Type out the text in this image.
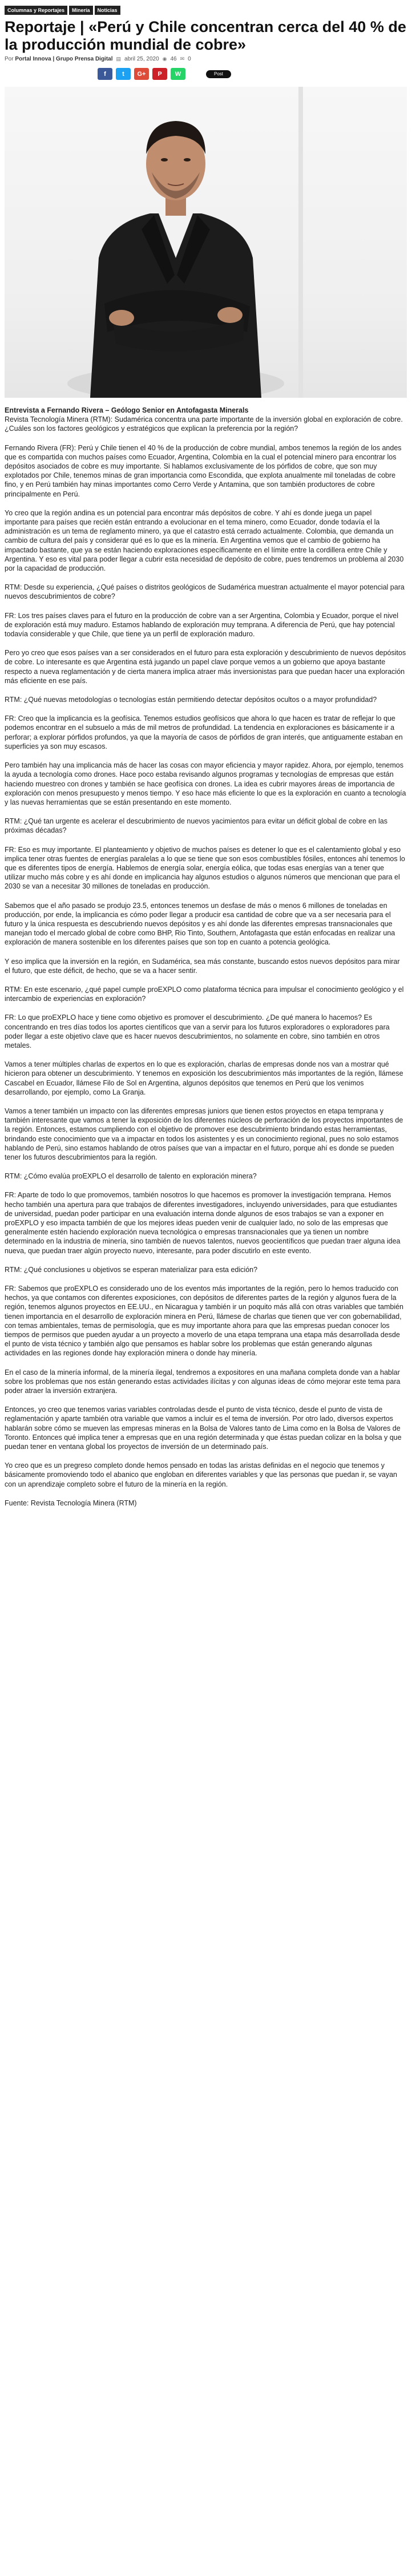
Columnas y Reportajes	Minería	Noticias
Reportaje | «Perú y Chile concentran cerca del 40 % de la producción mundial de cobre»
Por Portal Innova | Grupo Prensa Digital ▤ abril 25, 2020 ◉ 46 ✉ 0
f	t	G+	P	W	Post

Entrevista a Fernando Rivera – Geólogo Senior en Antofagasta Minerals
Revista Tecnología Minera (RTM): Sudamérica concentra una parte importante de la inversión global en exploración de cobre. ¿Cuáles son los factores geológicos y estratégicos que explican la preferencia por la región?

Fernando Rivera (FR): Perú y Chile tienen el 40 % de la producción de cobre mundial, ambos tenemos la región de los andes que es compartida con muchos países como Ecuador, Argentina, Colombia en la cual el potencial minero para encontrar los depósitos asociados de cobre es muy importante. Si hablamos exclusivamente de los pórfidos de cobre, que son muy explotados por Chile, tenemos minas de gran importancia como Escondida, que explota anualmente mil toneladas de cobre fino, y en Perú también hay minas importantes como Cerro Verde y Antamina, que son también productores de cobre principalmente en Perú.

Yo creo que la región andina es un potencial para encontrar más depósitos de cobre. Y ahí es donde juega un papel importante para países que recién están entrando a evolucionar en el tema minero, como Ecuador, donde todavía el la administración es un tema de reglamento minero, ya que el catastro está cerrado actualmente. Colombia, que demanda un cambio de cultura del país y considerar qué es lo que es la minería. En Argentina vemos que el cambio de gobierno ha impactado bastante, que ya se están haciendo exploraciones específicamente en el límite entre la cordillera entre Chile y Argentina. Y eso es vital para poder llegar a cubrir esta necesidad de depósito de cobre, pues tendremos un problema al 2030 por la capacidad de producción.

RTM: Desde su experiencia, ¿Qué países o distritos geológicos de Sudamérica muestran actualmente el mayor potencial para nuevos descubrimientos de cobre?

FR: Los tres países claves para el futuro en la producción de cobre van a ser Argentina, Colombia y Ecuador, porque el nivel de exploración está muy maduro. Estamos hablando de exploración muy temprana. A diferencia de Perú, que hay potencial todavía considerable y que Chile, que tiene ya un perfil de exploración maduro.

Pero yo creo que esos países van a ser considerados en el futuro para esta exploración y descubrimiento de nuevos depósitos de cobre. Lo interesante es que Argentina está jugando un papel clave porque vemos a un gobierno que apoya bastante respecto a nueva reglamentación y de cierta manera implica atraer más inversionistas para que puedan hacer una exploración más eficiente en ese país.

RTM: ¿Qué nuevas metodologías o tecnologías están permitiendo detectar depósitos ocultos o a mayor profundidad?

FR: Creo que la implicancia es la geofísica. Tenemos estudios geofísicos que ahora lo que hacen es tratar de reflejar lo que podemos encontrar en el subsuelo a más de mil metros de profundidad. La tendencia en exploraciones es básicamente ir a perforar; a explorar pórfidos profundos, ya que la mayoría de casos de pórfidos de gran interés, que antiguamente estaban en superficies ya son muy escasos.

Pero también hay una implicancia más de hacer las cosas con mayor eficiencia y mayor rapidez. Ahora, por ejemplo, tenemos la ayuda a tecnología como drones. Hace poco estaba revisando algunos programas y tecnologías de empresas que están haciendo muestreo con drones y también se hace geofísica con drones. La idea es cubrir mayores áreas de importancia de exploración con menos presupuesto y menos tiempo. Y eso hace más eficiente lo que es la exploración en cuanto a tecnología y las nuevas herramientas que se están presentando en este momento.

RTM: ¿Qué tan urgente es acelerar el descubrimiento de nuevos yacimientos para evitar un déficit global de cobre en las próximas décadas?

FR: Eso es muy importante. El planteamiento y objetivo de muchos países es detener lo que es el calentamiento global y eso implica tener otras fuentes de energías paralelas a lo que se tiene que son esos combustibles fósiles, entonces ahí tenemos lo que es diferentes tipos de energía. Hablemos de energía solar, energía eólica, que todas esas energías van a tener que utilizar mucho más cobre y es ahí donde en implicancia hay algunos estudios o algunos números que mencionan que para el 2030 se van a necesitar 30 millones de toneladas en producción.

Sabemos que el año pasado se produjo 23.5, entonces tenemos un desfase de más o menos 6 millones de toneladas en producción, por ende, la implicancia es cómo poder llegar a producir esa cantidad de cobre que va a ser necesaria para el futuro y la única respuesta es descubriendo nuevos depósitos y es ahí donde las diferentes empresas transnacionales que manejan todo el mercado global de cobre como BHP, Rio Tinto, Southern, Antofagasta que están enfocadas en realizar una exploración de manera sostenible en los diferentes países que son top en cuanto a potencia geológica.

Y eso implica que la inversión en la región, en Sudamérica, sea más constante, buscando estos nuevos depósitos para mirar el futuro, que este déficit, de hecho, que se va a hacer sentir.

RTM: En este escenario, ¿qué papel cumple proEXPLO como plataforma técnica para impulsar el conocimiento geológico y el intercambio de experiencias en exploración?

FR: Lo que proEXPLO hace y tiene como objetivo es promover el descubrimiento. ¿De qué manera lo hacemos? Es concentrando en tres días todos los aportes científicos que van a servir para los futuros exploradores o exploradores para poder llegar a este objetivo clave que es hacer nuevos descubrimientos, no solamente en cobre, sino también en otros metales.

Vamos a tener múltiples charlas de expertos en lo que es exploración, charlas de empresas donde nos van a mostrar qué hicieron para obtener un descubrimiento. Y tenemos en exposición los descubrimientos más importantes de la región, llámese Cascabel en Ecuador, llámese Filo de Sol en Argentina, algunos depósitos que tenemos en Perú que los venimos desarrollando, por ejemplo, como La Granja.

Vamos a tener también un impacto con las diferentes empresas juniors que tienen estos proyectos en etapa temprana y también interesante que vamos a tener la exposición de los diferentes núcleos de perforación de los proyectos importantes de la región. Entonces, estamos cumpliendo con el objetivo de promover ese descubrimiento brindando estas herramientas, brindando este conocimiento que va a impactar en todos los asistentes y es un conocimiento regional, pues no solo estamos hablando de Perú, sino estamos hablando de otros países que van a impactar en el futuro, porque ahí es donde se pueden tener los futuros descubrimientos para la región.

RTM: ¿Cómo evalúa proEXPLO el desarrollo de talento en exploración minera?

FR: Aparte de todo lo que promovemos, también nosotros lo que hacemos es promover la investigación temprana. Hemos hecho también una apertura para que trabajos de diferentes investigadores, incluyendo universidades, para que estudiantes de universidad, puedan poder participar en una evaluación interna donde algunos de esos trabajos se van a exponer en proEXPLO y eso impacta también de que los mejores ideas pueden venir de cualquier lado, no solo de las empresas que generalmente estén haciendo exploración nueva tecnológica o empresas transnacionales que ya tienen un nombre determinado en la industria de minería, sino también de nuevos talentos, nuevos geocientíficos que puedan traer alguna idea nueva, que puedan traer algún proyecto nuevo, interesante, para poder discutirlo en este evento.

RTM: ¿Qué conclusiones u objetivos se esperan materializar para esta edición?

FR: Sabemos que proEXPLO es considerado uno de los eventos más importantes de la región, pero lo hemos traducido con hechos, ya que contamos con diferentes exposiciones, con depósitos de diferentes partes de la región y algunos fuera de la región, tenemos algunos proyectos en EE.UU., en Nicaragua y también ir un poquito más allá con otras variables que también tienen importancia en el desarrollo de exploración minera en Perú, llámese de charlas que tienen que ver con gobernabilidad, con temas ambientales, temas de permisología, que es muy importante ahora para que las empresas puedan conocer los tiempos de permisos que pueden ayudar a un proyecto a moverlo de una etapa temprana una etapa más desarrollada desde el punto de vista técnico y también algo que pensamos es hablar sobre los problemas que están generando algunas actividades en las regiones donde hay exploración minera o donde hay minería.

En el caso de la minería informal, de la minería ilegal, tendremos a expositores en una mañana completa donde van a hablar sobre los problemas que nos están generando estas actividades ilícitas y con algunas ideas de cómo mejorar este tema para poder atraer la inversión extranjera.

Entonces, yo creo que tenemos varias variables controladas desde el punto de vista técnico, desde el punto de vista de reglamentación y aparte también otra variable que vamos a incluir es el tema de inversión. Por otro lado, diversos expertos hablarán sobre cómo se mueven las empresas mineras en la Bolsa de Valores tanto de Lima como en la Bolsa de Valores de Toronto. Entonces qué implica tener a empresas que en una región determinada y que éstas puedan colizar en la bolsa y que puedan tener en ventana global los proyectos de inversión de un determinado país.

Yo creo que es un pregreso completo donde hemos pensado en todas las aristas definidas en el negocio que tenemos y básicamente promoviendo todo el abanico que engloban en diferentes variables y que las personas que puedan ir, se vayan con un aprendizaje completo sobre el futuro de la minería en la región.

Fuente: Revista Tecnología Minera (RTM)
